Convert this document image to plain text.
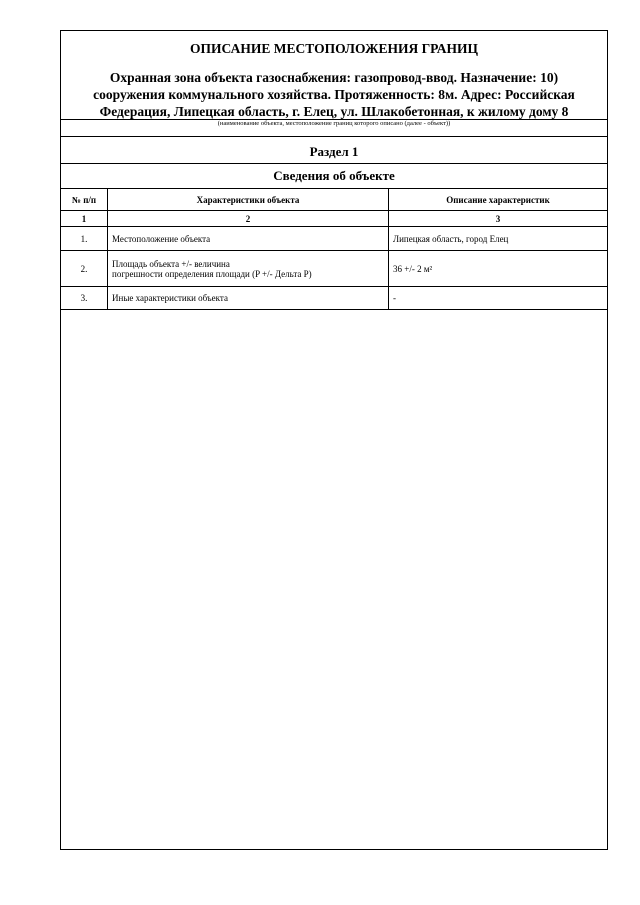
ОПИСАНИЕ МЕСТОПОЛОЖЕНИЯ ГРАНИЦ
Охранная зона объекта газоснабжения: газопровод-ввод. Назначение: 10)
сооружения коммунального хозяйства. Протяженность: 8м. Адрес: Российская
Федерация, Липецкая область, г. Елец, ул. Шлакобетонная, к жилому дому 8
(наименование объекта, местоположение границ которого описано (далее - объект))
Раздел 1
Сведения об объекте
№ п/п	Характеристики объекта	Описание характеристик
1	2	3
1.	Местоположение объекта	Липецкая область, город Елец
2.	Площадь объекта +/- величина
погрешности определения площади (P +/- Дельта P)	36 +/- 2 м²
3.	Иные характеристики объекта	-
